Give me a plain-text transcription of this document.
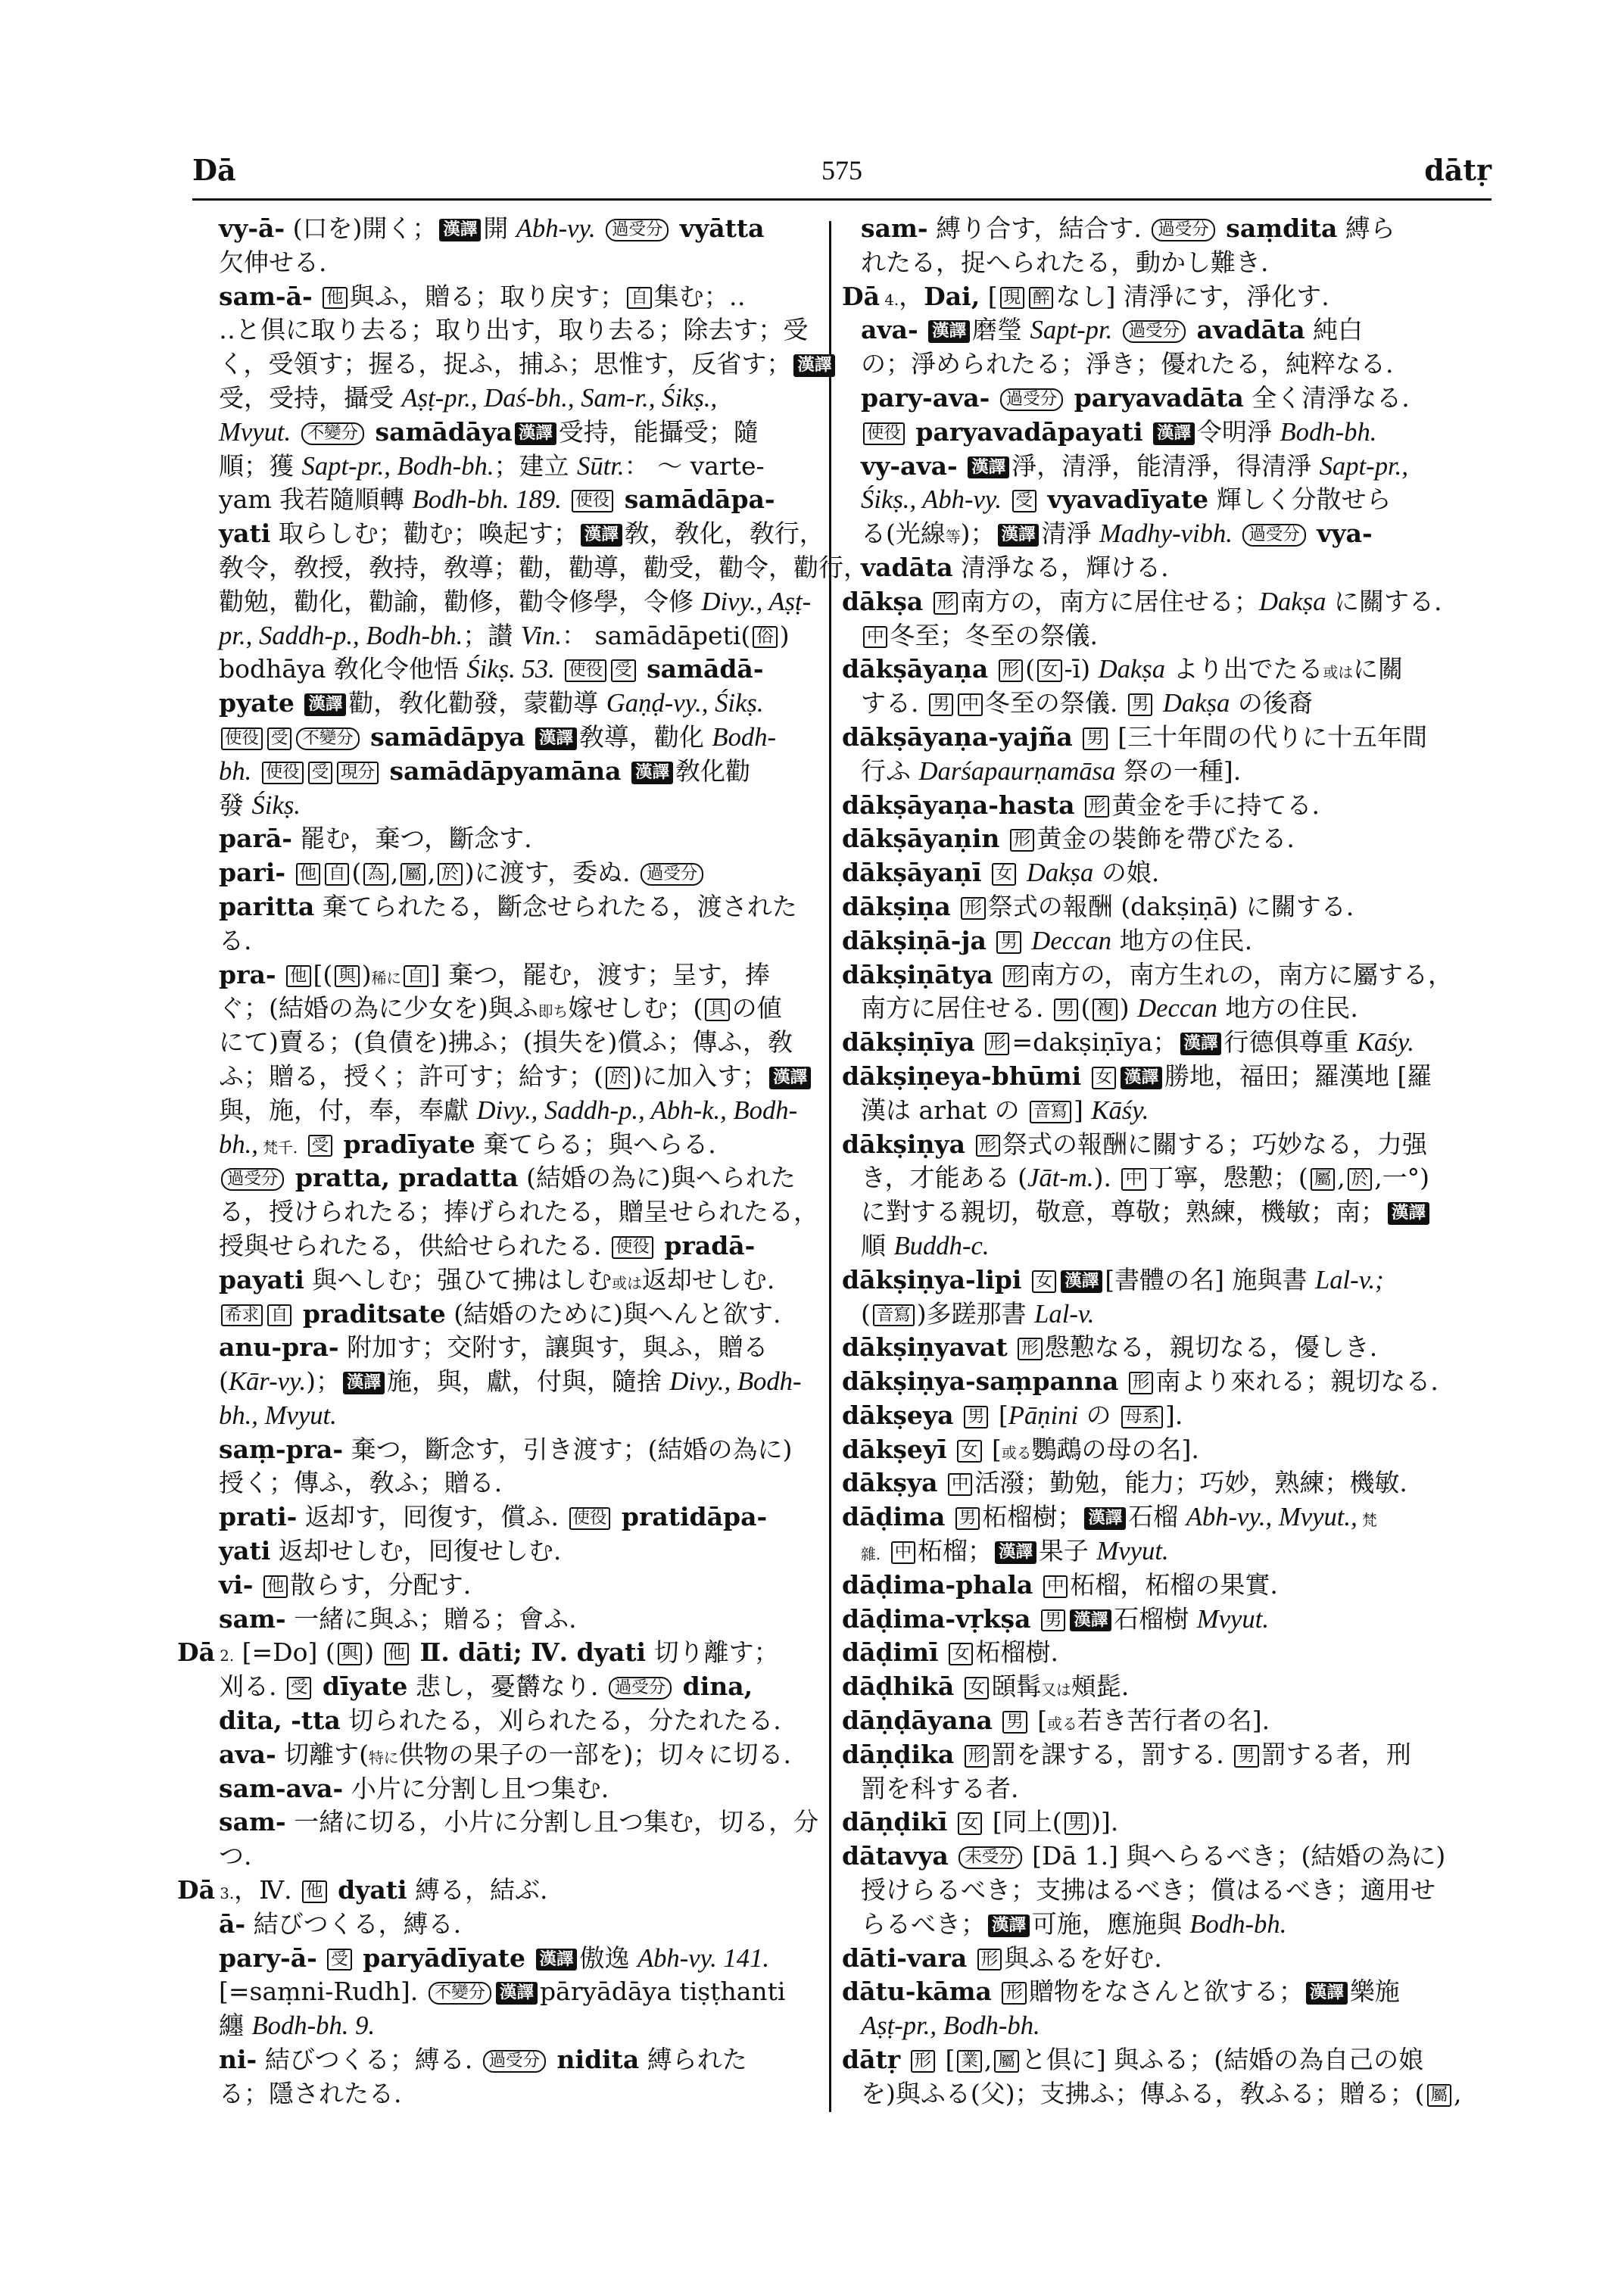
Dā	575	dātṛ
vy-ā- (口を)開く； 漢譯 開 Abh-vy. 過受分 vyātta
欠伸せる.
sam-ā- 他 與ふ，贈る；取り戻す； 自 集む；‥
‥と倶に取り去る；取り出す，取り去る；除去す；受
く，受領す；握る，捉ふ，捕ふ；思惟す，反省す； 漢譯
受，受持，攝受 Aṣṭ-pr., Daś-bh., Sam-r., Śikṣ.,
Mvyut. 不變分 samādāya 漢譯 受持，能攝受；隨
順；獲 Sapt-pr., Bodh-bh.；建立 Sūtr.： 〜 varte-
yam 我若隨順轉 Bodh-bh. 189. 使役 samādāpa-
yati 取らしむ；勸む；喚起す； 漢譯 敎，敎化，敎行，
敎令，敎授，敎持，敎導；勸，勸導，勸受，勸令，勸行，
勸勉，勸化，勸諭，勸修，勸令修學，令修 Divy., Aṣṭ-
pr., Saddh-p., Bodh-bh.；讃 Vin.： samādāpeti( 俗 )
bodhāya 敎化令他悟 Śikṣ. 53. 使役 受 samādā-
pyate 漢譯 勸，敎化勸發，蒙勸導 Gaṇḍ-vy., Śikṣ.
使役 受 不變分 samādāpya 漢譯 敎導，勸化 Bodh-
bh. 使役 受 現分 samādāpyamāna 漢譯 敎化勸
發 Śikṣ.
parā- 罷む，棄つ，斷念す.
pari- 他 自 ( 為 , 屬 , 於 )に渡す，委ぬ. 過受分
paritta 棄てられたる，斷念せられたる，渡された
る.
pra- 他 [( 與 )稀に 自 ] 棄つ，罷む，渡す；呈す，捧
ぐ；(結婚の為に少女を)與ふ即ち嫁せしむ；( 具 の値
にて)賣る；(負債を)拂ふ；(損失を)償ふ；傳ふ，敎
ふ；贈る，授く；許可す；給す；( 於 )に加入す； 漢譯
與，施，付，奉，奉獻 Divy., Saddh-p., Abh-k., Bodh-
bh., 梵千. 受 pradīyate 棄てらる；與へらる.
過受分 pratta, pradatta (結婚の為に)與へられた
る，授けられたる；捧げられたる，贈呈せられたる，
授與せられたる，供給せられたる. 使役 pradā-
payati 與へしむ；强ひて拂はしむ或は返却せしむ.
希求 自 praditsate (結婚のために)與へんと欲す.
anu-pra- 附加す；交附す，讓與す，與ふ，贈る
(Kār-vy.)； 漢譯 施，與，獻，付與，隨捨 Divy., Bodh-
bh., Mvyut.
saṃ-pra- 棄つ，斷念す，引き渡す；(結婚の為に)
授く；傳ふ，敎ふ；贈る.
prati- 返却す，囘復す，償ふ. 使役 pratidāpa-
yati 返却せしむ，囘復せしむ.
vi- 他 散らす，分配す.
sam- 一緒に與ふ；贈る；會ふ.
Dā 2. [=Do] ( 與 ) 他 Ⅱ. dāti; Ⅳ. dyati 切り離す；
刈る. 受 dīyate 悲し，憂欝なり. 過受分 dina,
dita, -tta 切られたる，刈られたる，分たれたる.
ava- 切離す(特に供物の果子の一部を)；切々に切る.
sam-ava- 小片に分割し且つ集む.
sam- 一緒に切る，小片に分割し且つ集む，切る，分
つ.
Dā 3.，Ⅳ. 他 dyati 縛る，結ぶ.
ā- 結びつくる，縛る.
pary-ā- 受 paryādīyate 漢譯 傲逸 Abh-vy. 141.
[=saṃni-Rudh]. 不變分 漢譯 pāryādāya tiṣṭhanti
纏 Bodh-bh. 9.
ni- 結びつくる；縛る. 過受分 nidita 縛られた
る；隱されたる.
sam- 縛り合す，結合す. 過受分 saṃdita 縛ら
れたる，捉へられたる，動かし難き.
Dā 4.，Dai, [ 現 醉 なし] 清淨にす，淨化す.
ava- 漢譯 磨瑩 Sapt-pr. 過受分 avadāta 純白
の；淨められたる；淨き；優れたる，純粹なる.
pary-ava- 過受分 paryavadāta 全く清淨なる.
使役 paryavadāpayati 漢譯 令明淨 Bodh-bh.
vy-ava- 漢譯 淨，清淨，能清淨，得清淨 Sapt-pr.,
Śikṣ., Abh-vy. 受 vyavadīyate 輝しく分散せら
る(光線等)； 漢譯 清淨 Madhy-vibh. 過受分 vya-
vadāta 清淨なる，輝ける.
dākṣa 形 南方の，南方に居住せる；Dakṣa に關する.
中 冬至；冬至の祭儀.
dākṣāyaṇa 形 ( 女 -ī) Dakṣa より出でたる或はに關
する. 男 中 冬至の祭儀. 男 Dakṣa の後裔
dākṣāyaṇa-yajña 男 [三十年間の代りに十五年間
行ふ Darśapaurṇamāsa 祭の一種].
dākṣāyaṇa-hasta 形 黄金を手に持てる.
dākṣāyaṇin 形 黄金の裝飾を帶びたる.
dākṣāyaṇī 女 Dakṣa の娘.
dākṣiṇa 形 祭式の報酬 (dakṣiṇā) に關する.
dākṣiṇā-ja 男 Deccan 地方の住民.
dākṣiṇātya 形 南方の，南方生れの，南方に屬する，
南方に居住せる. 男 ( 複 ) Deccan 地方の住民.
dākṣiṇīya 形 =dakṣiṇīya； 漢譯 行德俱尊重 Kāśy.
dākṣiṇeya-bhūmi 女 漢譯 勝地，福田；羅漢地 [羅
漢は arhat の 音寫 ] Kāśy.
dākṣiṇya 形 祭式の報酬に關する；巧妙なる，力强
き，才能ある (Jāt-m.). 中 丁寧，慇懃；( 屬 , 於 ,一°)
に對する親切，敬意，尊敬；熟練，機敏；南； 漢譯
順 Buddh-c.
dākṣiṇya-lipi 女 漢譯 [書體の名] 施與書 Lal-v.;
( 音寫 )多蹉那書 Lal-v.
dākṣiṇyavat 形 慇懃なる，親切なる，優しき.
dākṣiṇya-saṃpanna 形 南より來れる；親切なる.
dākṣeya 男 [Pāṇini の 母系 ].
dākṣeyī 女 [或る鸚鵡の母の名].
dākṣya 中 活潑；勤勉，能力；巧妙，熟練；機敏.
dāḍima 男 柘榴樹； 漢譯 石榴 Abh-vy., Mvyut., 梵
雜. 中 柘榴； 漢譯 果子 Mvyut.
dāḍima-phala 中 柘榴，柘榴の果實.
dāḍima-vṛkṣa 男 漢譯 石榴樹 Mvyut.
dāḍimī 女 柘榴樹.
dāḍhikā 女 頣髯又は頰髭.
dāṇḍāyana 男 [或る若き苦行者の名].
dāṇḍika 形 罰を課する，罰する. 男 罰する者，刑
罰を科する者.
dāṇḍikī 女 [同上( 男 )].
dātavya 未受分 [Dā 1.] 與へらるべき；(結婚の為に)
授けらるべき；支拂はるべき；償はるべき；適用せ
らるべき； 漢譯 可施，應施與 Bodh-bh.
dāti-vara 形 與ふるを好む.
dātu-kāma 形 贈物をなさんと欲する； 漢譯 樂施
Aṣṭ-pr., Bodh-bh.
dātṛ 形 [ 業 , 屬 と倶に] 與ふる；(結婚の為自己の娘
を)與ふる(父)；支拂ふ；傳ふる，敎ふる；贈る；( 屬 ,
